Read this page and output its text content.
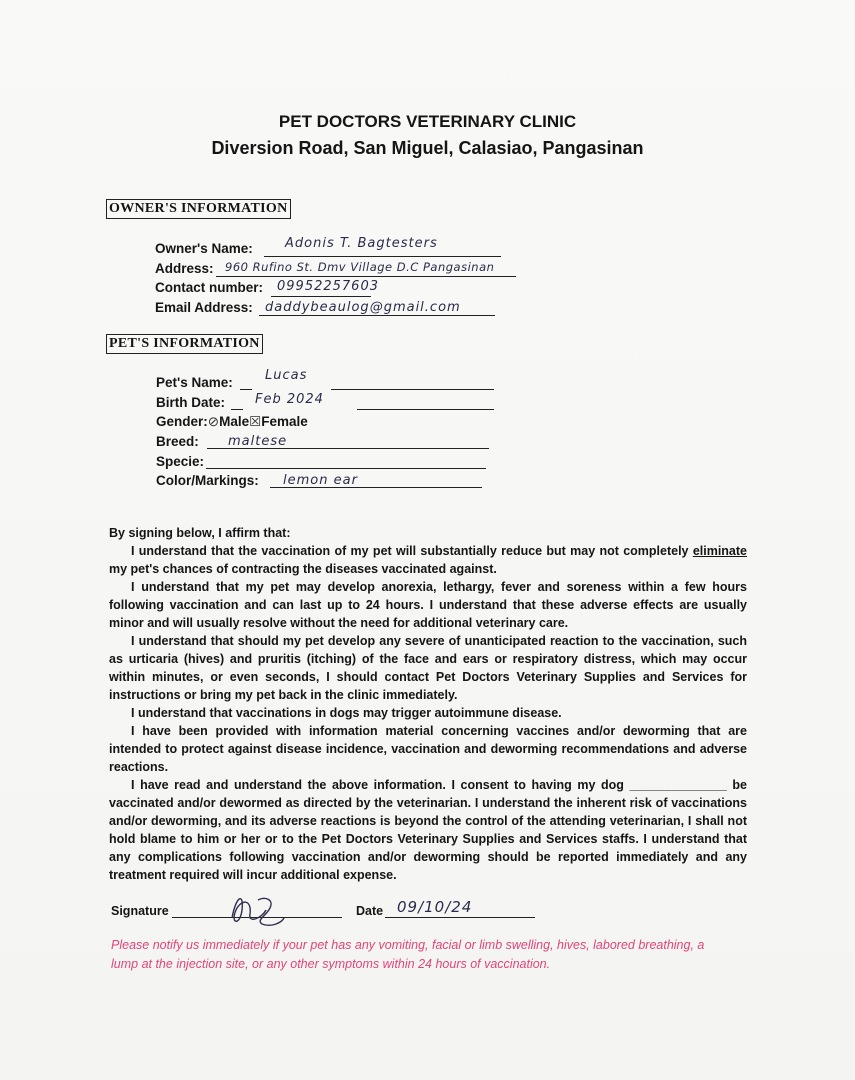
PET DOCTORS VETERINARY CLINIC
Diversion Road, San Miguel, Calasiao, Pangasinan
OWNER'S INFORMATION
Owner's Name: Adonis T. Bagtesters
Address: 960 Rufino St. Dmv Village D.C Pangasinan
Contact number: 09952257603
Email Address: daddybeaulog@gmail.com
PET'S INFORMATION
Pet's Name: Lucas
Birth Date: Feb 2024
Gender:⊘Male☒Female
Breed: maltese
Specie:
Color/Markings: lemon ear

By signing below, I affirm that:

I understand that the vaccination of my pet will substantially reduce but may not completely eliminate my pet's chances of contracting the diseases vaccinated against.

I understand that my pet may develop anorexia, lethargy, fever and soreness within a few hours following vaccination and can last up to 24 hours. I understand that these adverse effects are usually minor and will usually resolve without the need for additional veterinary care.

I understand that should my pet develop any severe of unanticipated reaction to the vaccination, such as urticaria (hives) and pruritis (itching) of the face and ears or respiratory distress, which may occur within minutes, or even seconds, I should contact Pet Doctors Veterinary Supplies and Services for instructions or bring my pet back in the clinic immediately.

I understand that vaccinations in dogs may trigger autoimmune disease.

I have been provided with information material concerning vaccines and/or deworming that are intended to protect against disease incidence, vaccination and deworming recommendations and adverse reactions.

I have read and understand the above information. I consent to having my dog ______________ be vaccinated and/or dewormed as directed by the veterinarian. I understand the inherent risk of vaccinations and/or deworming, and its adverse reactions is beyond the control of the attending veterinarian, I shall not hold blame to him or her or to the Pet Doctors Veterinary Supplies and Services staffs. I understand that any complications following vaccination and/or deworming should be reported immediately and any treatment required will incur additional expense.

Signature	Date 09/10/24
Please notify us immediately if your pet has any vomiting, facial or limb swelling, hives, labored breathing, a lump at the injection site, or any other symptoms within 24 hours of vaccination.
